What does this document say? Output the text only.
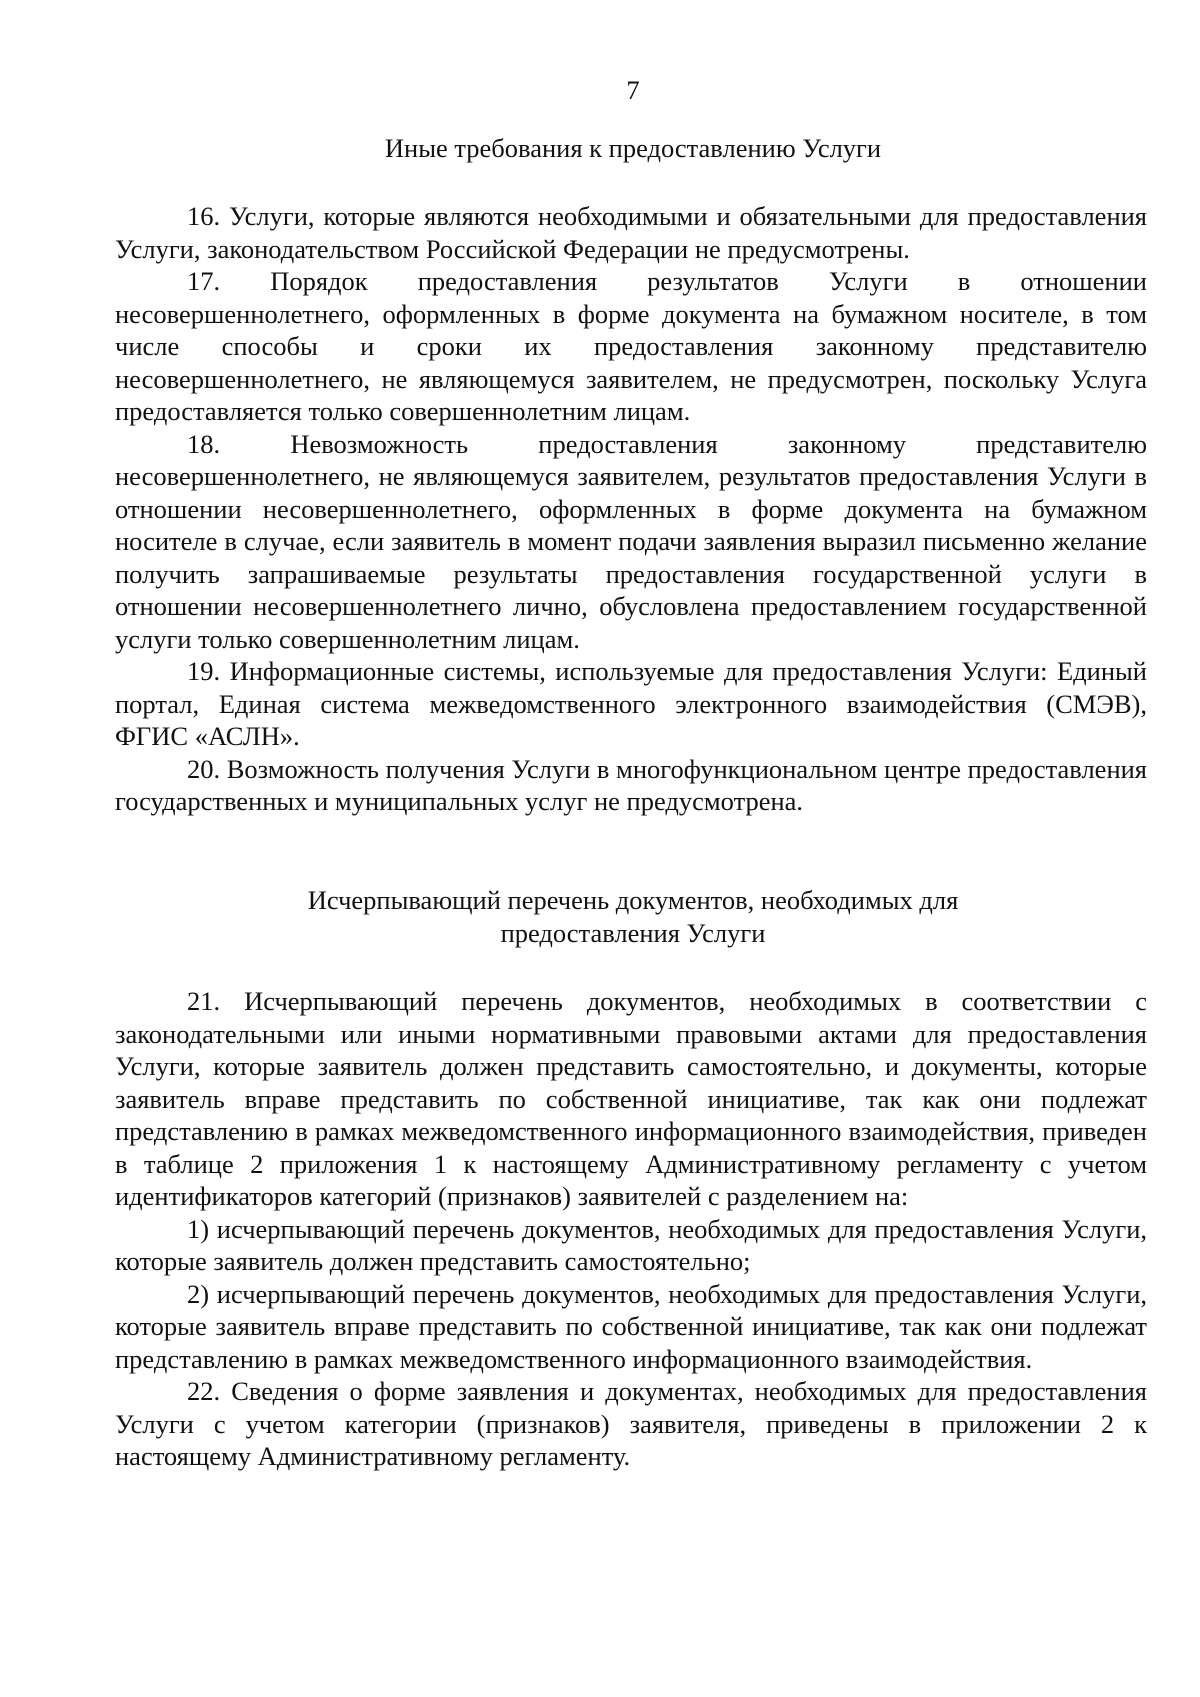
7
Иные требования к предоставлению Услуги

16. Услуги, которые являются необходимыми и обязательными для предоставления Услуги, законодательством Российской Федерации не предусмотрены.

17. Порядок предоставления результатов Услуги в отношении несовершеннолетнего, оформленных в форме документа на бумажном носителе, в том числе способы и сроки их предоставления законному представителю несовершеннолетнего, не являющемуся заявителем, не предусмотрен, поскольку Услуга предоставляется только совершеннолетним лицам.

18. Невозможность предоставления законному представителю несовершеннолетнего, не являющемуся заявителем, результатов предоставления Услуги в отношении несовершеннолетнего, оформленных в форме документа на бумажном носителе в случае, если заявитель в момент подачи заявления выразил письменно желание получить запрашиваемые результаты предоставления государственной услуги в отношении несовершеннолетнего лично, обусловлена предоставлением государственной услуги только совершеннолетним лицам.

19. Информационные системы, используемые для предоставления Услуги: Единый портал, Единая система межведомственного электронного взаимодействия (СМЭВ), ФГИС «АСЛН».

20. Возможность получения Услуги в многофункциональном центре предоставления государственных и муниципальных услуг не предусмотрена.

Исчерпывающий перечень документов, необходимых для
предоставления Услуги

21. Исчерпывающий перечень документов, необходимых в соответствии с законодательными или иными нормативными правовыми актами для предоставления Услуги, которые заявитель должен представить самостоятельно, и документы, которые заявитель вправе представить по собственной инициативе, так как они подлежат представлению в рамках межведомственного информационного взаимодействия, приведен в таблице 2 приложения 1 к настоящему Административному регламенту с учетом идентификаторов категорий (признаков) заявителей с разделением на:

1) исчерпывающий перечень документов, необходимых для предоставления Услуги, которые заявитель должен представить самостоятельно;

2) исчерпывающий перечень документов, необходимых для предоставления Услуги, которые заявитель вправе представить по собственной инициативе, так как они подлежат представлению в рамках межведомственного информационного взаимодействия.

22. Сведения о форме заявления и документах, необходимых для предоставления Услуги с учетом категории (признаков) заявителя, приведены в приложении 2 к настоящему Административному регламенту.
